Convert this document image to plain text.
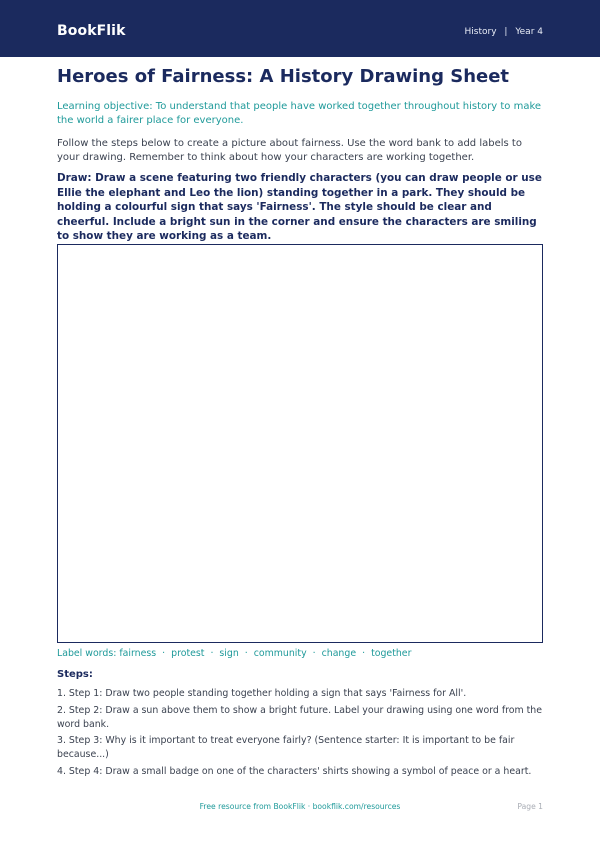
BookFlik	History | Year 4
Heroes of Fairness: A History Drawing Sheet
Learning objective: To understand that people have worked together throughout history to make the world a fairer place for everyone.
Follow the steps below to create a picture about fairness. Use the word bank to add labels to your drawing. Remember to think about how your characters are working together.
Draw: Draw a scene featuring two friendly characters (you can draw people or use Ellie the elephant and Leo the lion) standing together in a park. They should be holding a colourful sign that says 'Fairness'. The style should be clear and cheerful. Include a bright sun in the corner and ensure the characters are smiling to show they are working as a team.
Label words: fairness · protest · sign · community · change · together
Steps:
1. Step 1: Draw two people standing together holding a sign that says 'Fairness for All'.
2. Step 2: Draw a sun above them to show a bright future. Label your drawing using one word from the word bank.
3. Step 3: Why is it important to treat everyone fairly? (Sentence starter: It is important to be fair because...)
4. Step 4: Draw a small badge on one of the characters' shirts showing a symbol of peace or a heart.
Free resource from BookFlik · bookflik.com/resources	Page 1
